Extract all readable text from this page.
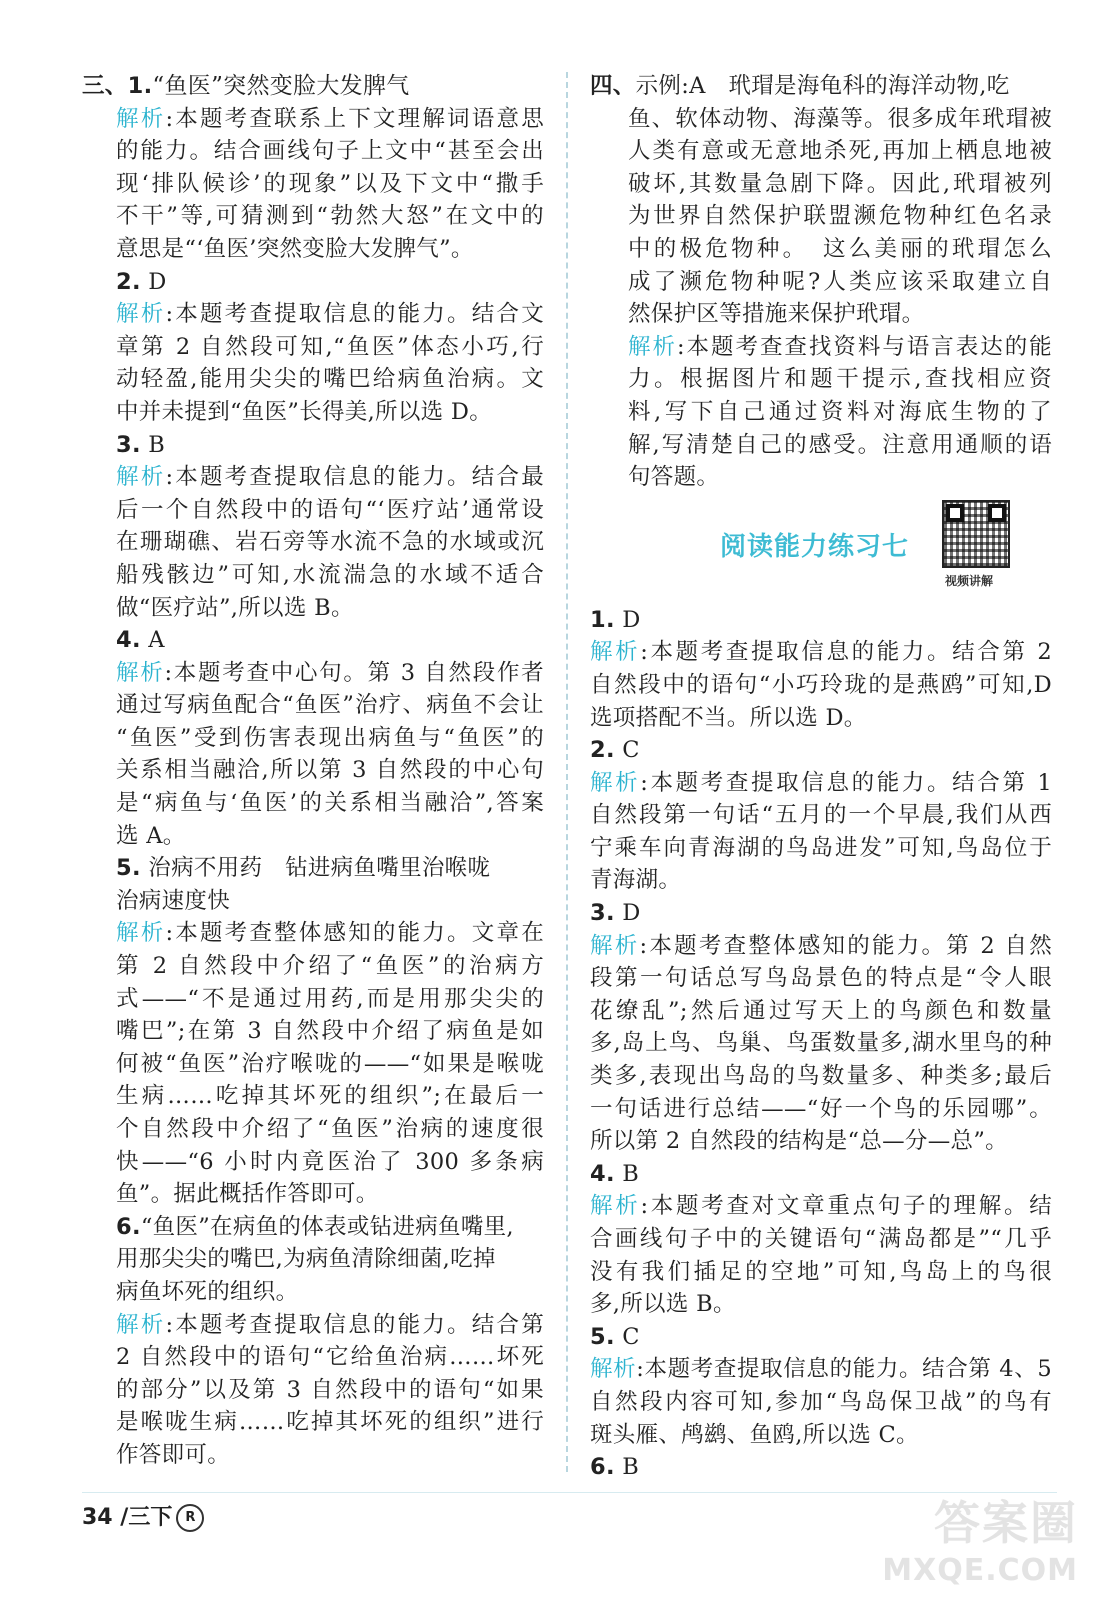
三、1.“鱼医”突然变脸大发脾气
解析:本题考查联系上下文理解词语意思
的能力。结合画线句子上文中“甚至会出
现‘排队候诊’的现象”以及下文中“撒手
不干”等,可猜测到“勃然大怒”在文中的
意思是“‘鱼医’突然变脸大发脾气”。
2. D
解析:本题考查提取信息的能力。结合文
章第 2 自然段可知,“鱼医”体态小巧,行
动轻盈,能用尖尖的嘴巴给病鱼治病。文
中并未提到“鱼医”长得美,所以选 D。
3. B
解析:本题考查提取信息的能力。结合最
后一个自然段中的语句“‘医疗站’通常设
在珊瑚礁、岩石旁等水流不急的水域或沉
船残骸边”可知,水流湍急的水域不适合
做“医疗站”,所以选 B。
4. A
解析:本题考查中心句。第 3 自然段作者
通过写病鱼配合“鱼医”治疗、病鱼不会让
“鱼医”受到伤害表现出病鱼与“鱼医”的
关系相当融洽,所以第 3 自然段的中心句
是“病鱼与‘鱼医’的关系相当融洽”,答案
选 A。
5. 治病不用药　钻进病鱼嘴里治喉咙
治病速度快
解析:本题考查整体感知的能力。文章在
第 2 自然段中介绍了“鱼医”的治病方
式——“不是通过用药,而是用那尖尖的
嘴巴”;在第 3 自然段中介绍了病鱼是如
何被“鱼医”治疗喉咙的——“如果是喉咙
生病……吃掉其坏死的组织”;在最后一
个自然段中介绍了“鱼医”治病的速度很
快——“6 小时内竟医治了 300 多条病
鱼”。据此概括作答即可。
6.“鱼医”在病鱼的体表或钻进病鱼嘴里,
用那尖尖的嘴巴,为病鱼清除细菌,吃掉
病鱼坏死的组织。
解析:本题考查提取信息的能力。结合第
2 自然段中的语句“它给鱼治病……坏死
的部分”以及第 3 自然段中的语句“如果
是喉咙生病……吃掉其坏死的组织”进行
作答即可。
四、示例:A　玳瑁是海龟科的海洋动物,吃
鱼、软体动物、海藻等。很多成年玳瑁被
人类有意或无意地杀死,再加上栖息地被
破坏,其数量急剧下降。因此,玳瑁被列
为世界自然保护联盟濒危物种红色名录
中的极危物种。　这么美丽的玳瑁怎么
成了濒危物种呢?人类应该采取建立自
然保护区等措施来保护玳瑁。
解析:本题考查查找资料与语言表达的能
力。根据图片和题干提示,查找相应资
料,写下自己通过资料对海底生物的了
解,写清楚自己的感受。注意用通顺的语
句答题。
阅读能力练习七
视频讲解
1. D
解析:本题考查提取信息的能力。结合第 2
自然段中的语句“小巧玲珑的是燕鸥”可知,D
选项搭配不当。所以选 D。
2. C
解析:本题考查提取信息的能力。结合第 1
自然段第一句话“五月的一个早晨,我们从西
宁乘车向青海湖的鸟岛进发”可知,鸟岛位于
青海湖。
3. D
解析:本题考查整体感知的能力。第 2 自然
段第一句话总写鸟岛景色的特点是“令人眼
花缭乱”;然后通过写天上的鸟颜色和数量
多,岛上鸟、鸟巢、鸟蛋数量多,湖水里鸟的种
类多,表现出鸟岛的鸟数量多、种类多;最后
一句话进行总结——“好一个鸟的乐园哪”。
所以第 2 自然段的结构是“总—分—总”。
4. B
解析:本题考查对文章重点句子的理解。结
合画线句子中的关键语句“满岛都是”“几乎
没有我们插足的空地”可知,鸟岛上的鸟很
多,所以选 B。
5. C
解析:本题考查提取信息的能力。结合第 4、5
自然段内容可知,参加“鸟岛保卫战”的鸟有
斑头雁、鸬鹚、鱼鸥,所以选 C。
6. B
34 /三下 R	答案圈
MXQE.COM
